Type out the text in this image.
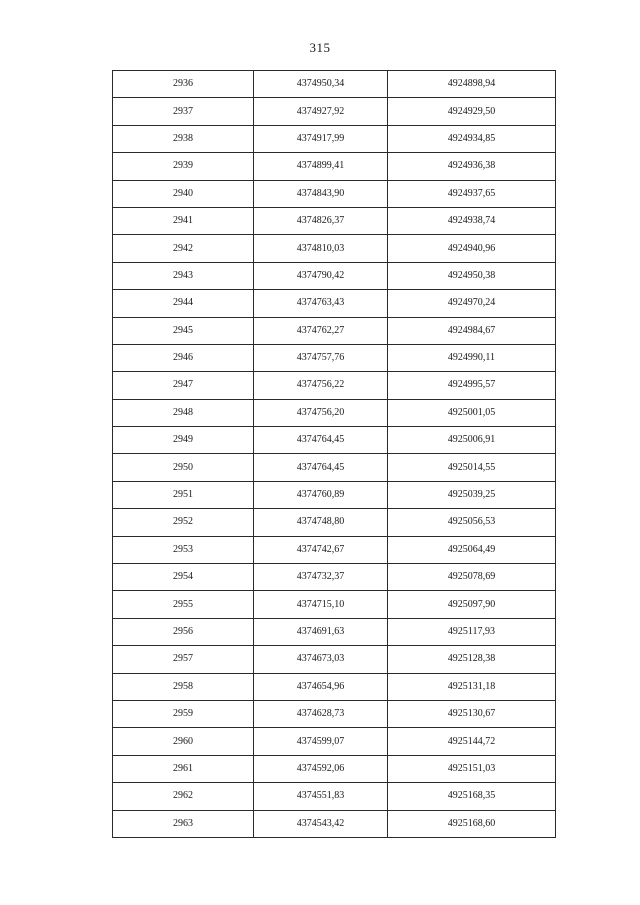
315
2936	4374950,34	4924898,94
2937	4374927,92	4924929,50
2938	4374917,99	4924934,85
2939	4374899,41	4924936,38
2940	4374843,90	4924937,65
2941	4374826,37	4924938,74
2942	4374810,03	4924940,96
2943	4374790,42	4924950,38
2944	4374763,43	4924970,24
2945	4374762,27	4924984,67
2946	4374757,76	4924990,11
2947	4374756,22	4924995,57
2948	4374756,20	4925001,05
2949	4374764,45	4925006,91
2950	4374764,45	4925014,55
2951	4374760,89	4925039,25
2952	4374748,80	4925056,53
2953	4374742,67	4925064,49
2954	4374732,37	4925078,69
2955	4374715,10	4925097,90
2956	4374691,63	4925117,93
2957	4374673,03	4925128,38
2958	4374654,96	4925131,18
2959	4374628,73	4925130,67
2960	4374599,07	4925144,72
2961	4374592,06	4925151,03
2962	4374551,83	4925168,35
2963	4374543,42	4925168,60
